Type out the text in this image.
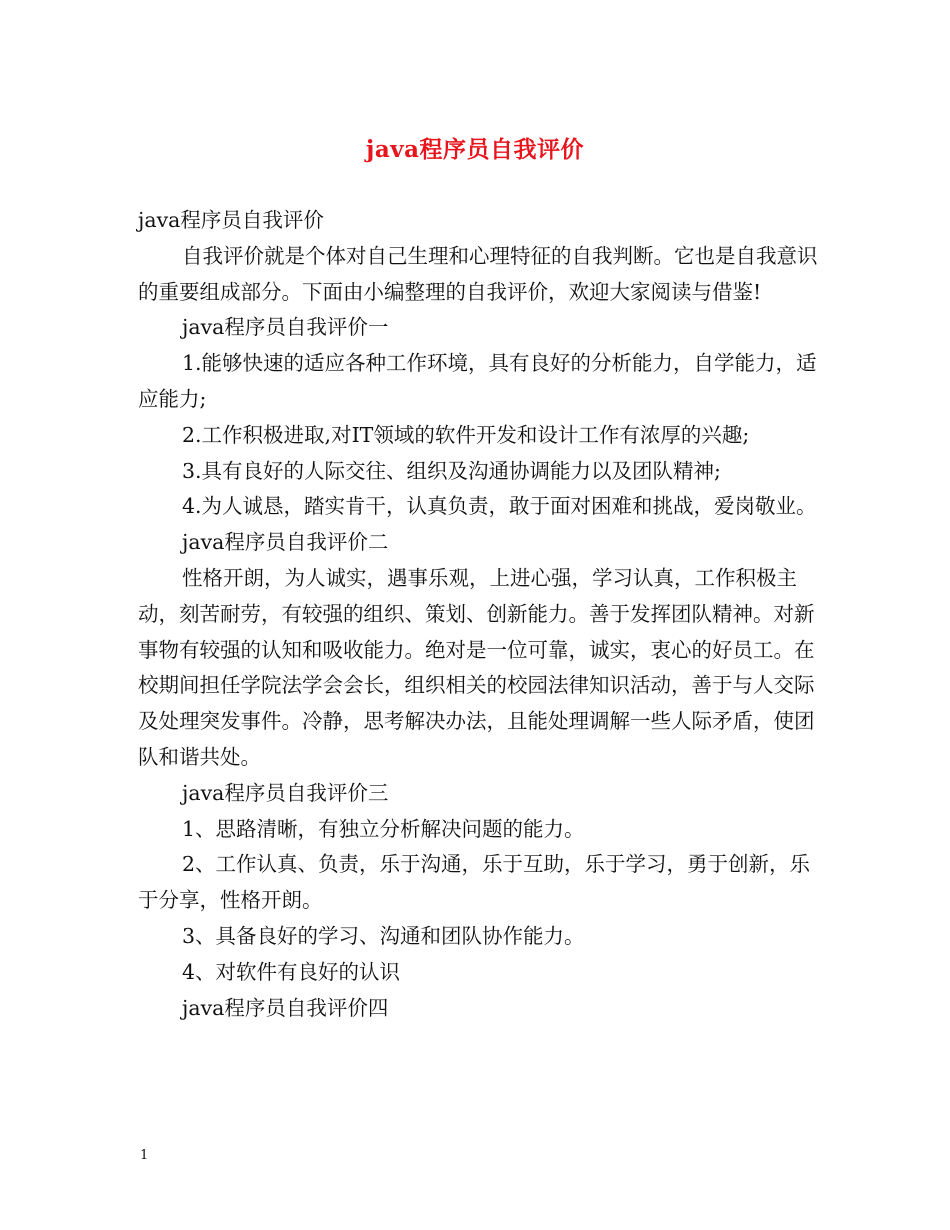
java程序员自我评价

java程序员自我评价

自我评价就是个体对自己生理和心理特征的自我判断。它也是自我意识的重要组成部分。下面由小编整理的自我评价，欢迎大家阅读与借鉴!

java程序员自我评价一

1.能够快速的适应各种工作环境，具有良好的分析能力，自学能力，适应能力;

2.工作积极进取,对IT领域的软件开发和设计工作有浓厚的兴趣;

3.具有良好的人际交往、组织及沟通协调能力以及团队精神;

4.为人诚恳，踏实肯干，认真负责，敢于面对困难和挑战，爱岗敬业。

java程序员自我评价二

性格开朗，为人诚实，遇事乐观，上进心强，学习认真，工作积极主动，刻苦耐劳，有较强的组织、策划、创新能力。善于发挥团队精神。对新事物有较强的认知和吸收能力。绝对是一位可靠，诚实，衷心的好员工。在校期间担任学院法学会会长，组织相关的校园法律知识活动，善于与人交际及处理突发事件。冷静，思考解决办法，且能处理调解一些人际矛盾，使团队和谐共处。

java程序员自我评价三

1、思路清晰，有独立分析解决问题的能力。

2、工作认真、负责，乐于沟通，乐于互助，乐于学习，勇于创新，乐于分享，性格开朗。

3、具备良好的学习、沟通和团队协作能力。

4、对软件有良好的认识

java程序员自我评价四

1
